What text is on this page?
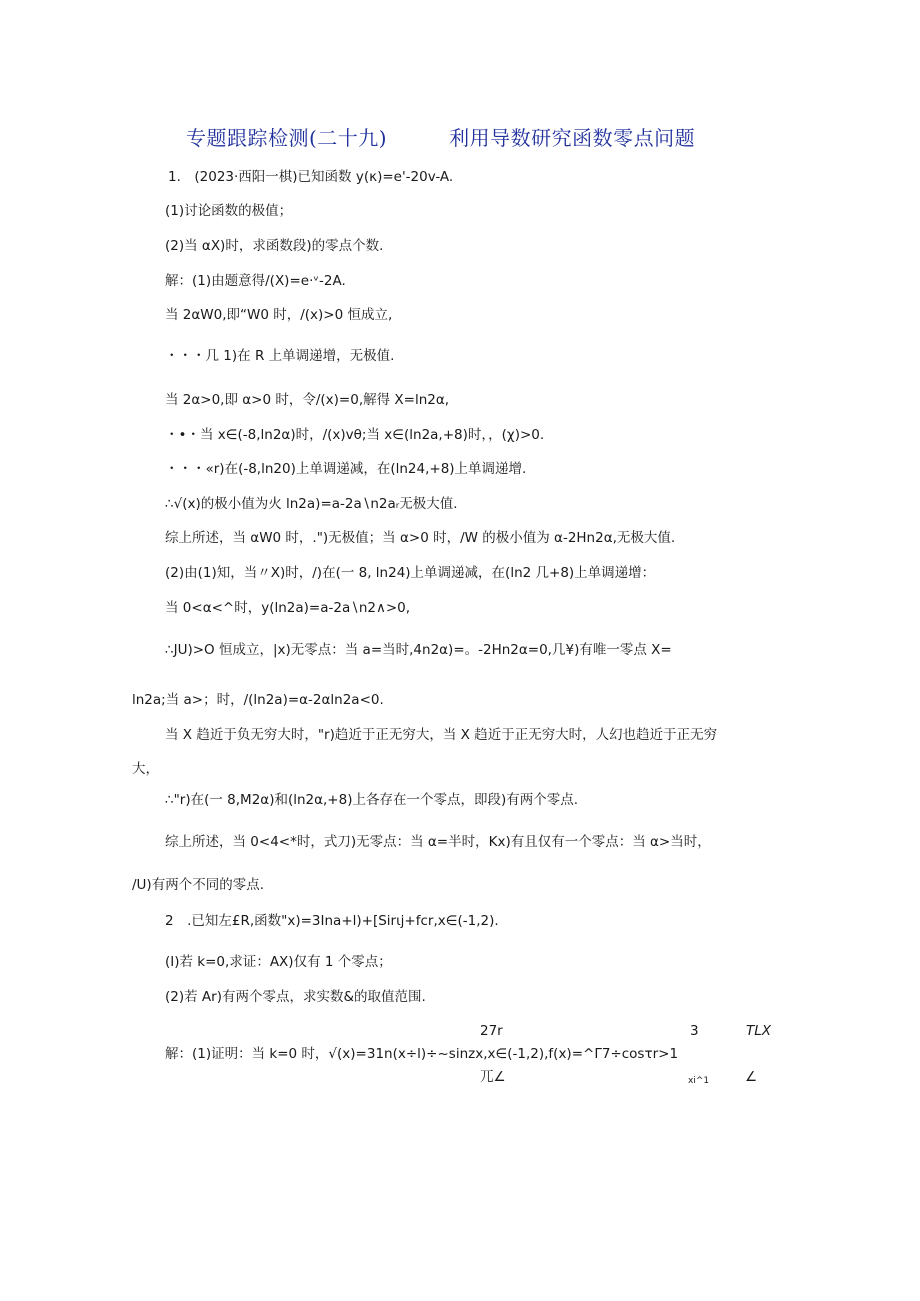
专题跟踪检测(二十九)	利用导数研究函数零点问题
1.　(2023·西阳一棋)已知函数 y(κ)=e'-20v-A.
(1)讨论函数的极值；
(2)当 αX)时，求函数段)的零点个数.
解：(1)由题意得/(X)=e·ᵛ-2A.
当 2αW0,即“W0 时，/(x)>0 恒成立,
・・・几 1)在 R 上单调递增，无极值.
当 2α>0,即 α>0 时，令/(x)=0,解得 X=ln2α,
・•・当 x∈(-8,ln2α)时，/(x)vθ;当 x∈(ln2a,+8)时，，(χ)>0.
・・・«r)在(-8,ln20)上单调递减，在(ln24,+8)上单调递增.
∴√(x)的极小值为火 ln2a)=a-2a∖n2aᵣ无极大值.
综上所述，当 αW0 时，.")无极值；当 α>0 时，/W 的极小值为 α-2Hn2α,无极大值.
(2)由(1)知，当〃X)时，/)在(一 8, ln24)上单调递减，在(ln2 几+8)上单调递增：
当 0<α<^时，y(ln2a)=a-2a∖n2∧>0,
∴JU)>O 恒成立，|x)无零点：当 a=当时,4n2α)=。-2Hn2α=0,几¥)有唯一零点 X=
ln2a;当 a>；时，/(ln2a)=α-2αln2a<0.
当 X 趋近于负无穷大时，"r)趋近于正无穷大，当 X 趋近于正无穷大时，人幻也趋近于正无穷
大，
∴"r)在(一 8,M2α)和(ln2α,+8)上各存在一个零点，即段)有两个零点.
综上所述，当 0<4<*时，式刀)无零点：当 α=半时，Kx)有且仅有一个零点：当 α>当时，
/U)有两个不同的零点.
2　.已知左£R,函数"x)=3Ina+l)+[Sirιj+fcr,x∈(-1,2).
(I)若 k=0,求证：AX)仅有 1 个零点；
(2)若 Ar)有两个零点，求实数&的取值范围.
27r	3	TLX
解：(1)证明：当 k=0 时，√(x)=31n(x÷l)÷~sinzx,x∈(-1,2),f(x)=^Γ7÷cosτr>1
兀∠	xi^1	∠
